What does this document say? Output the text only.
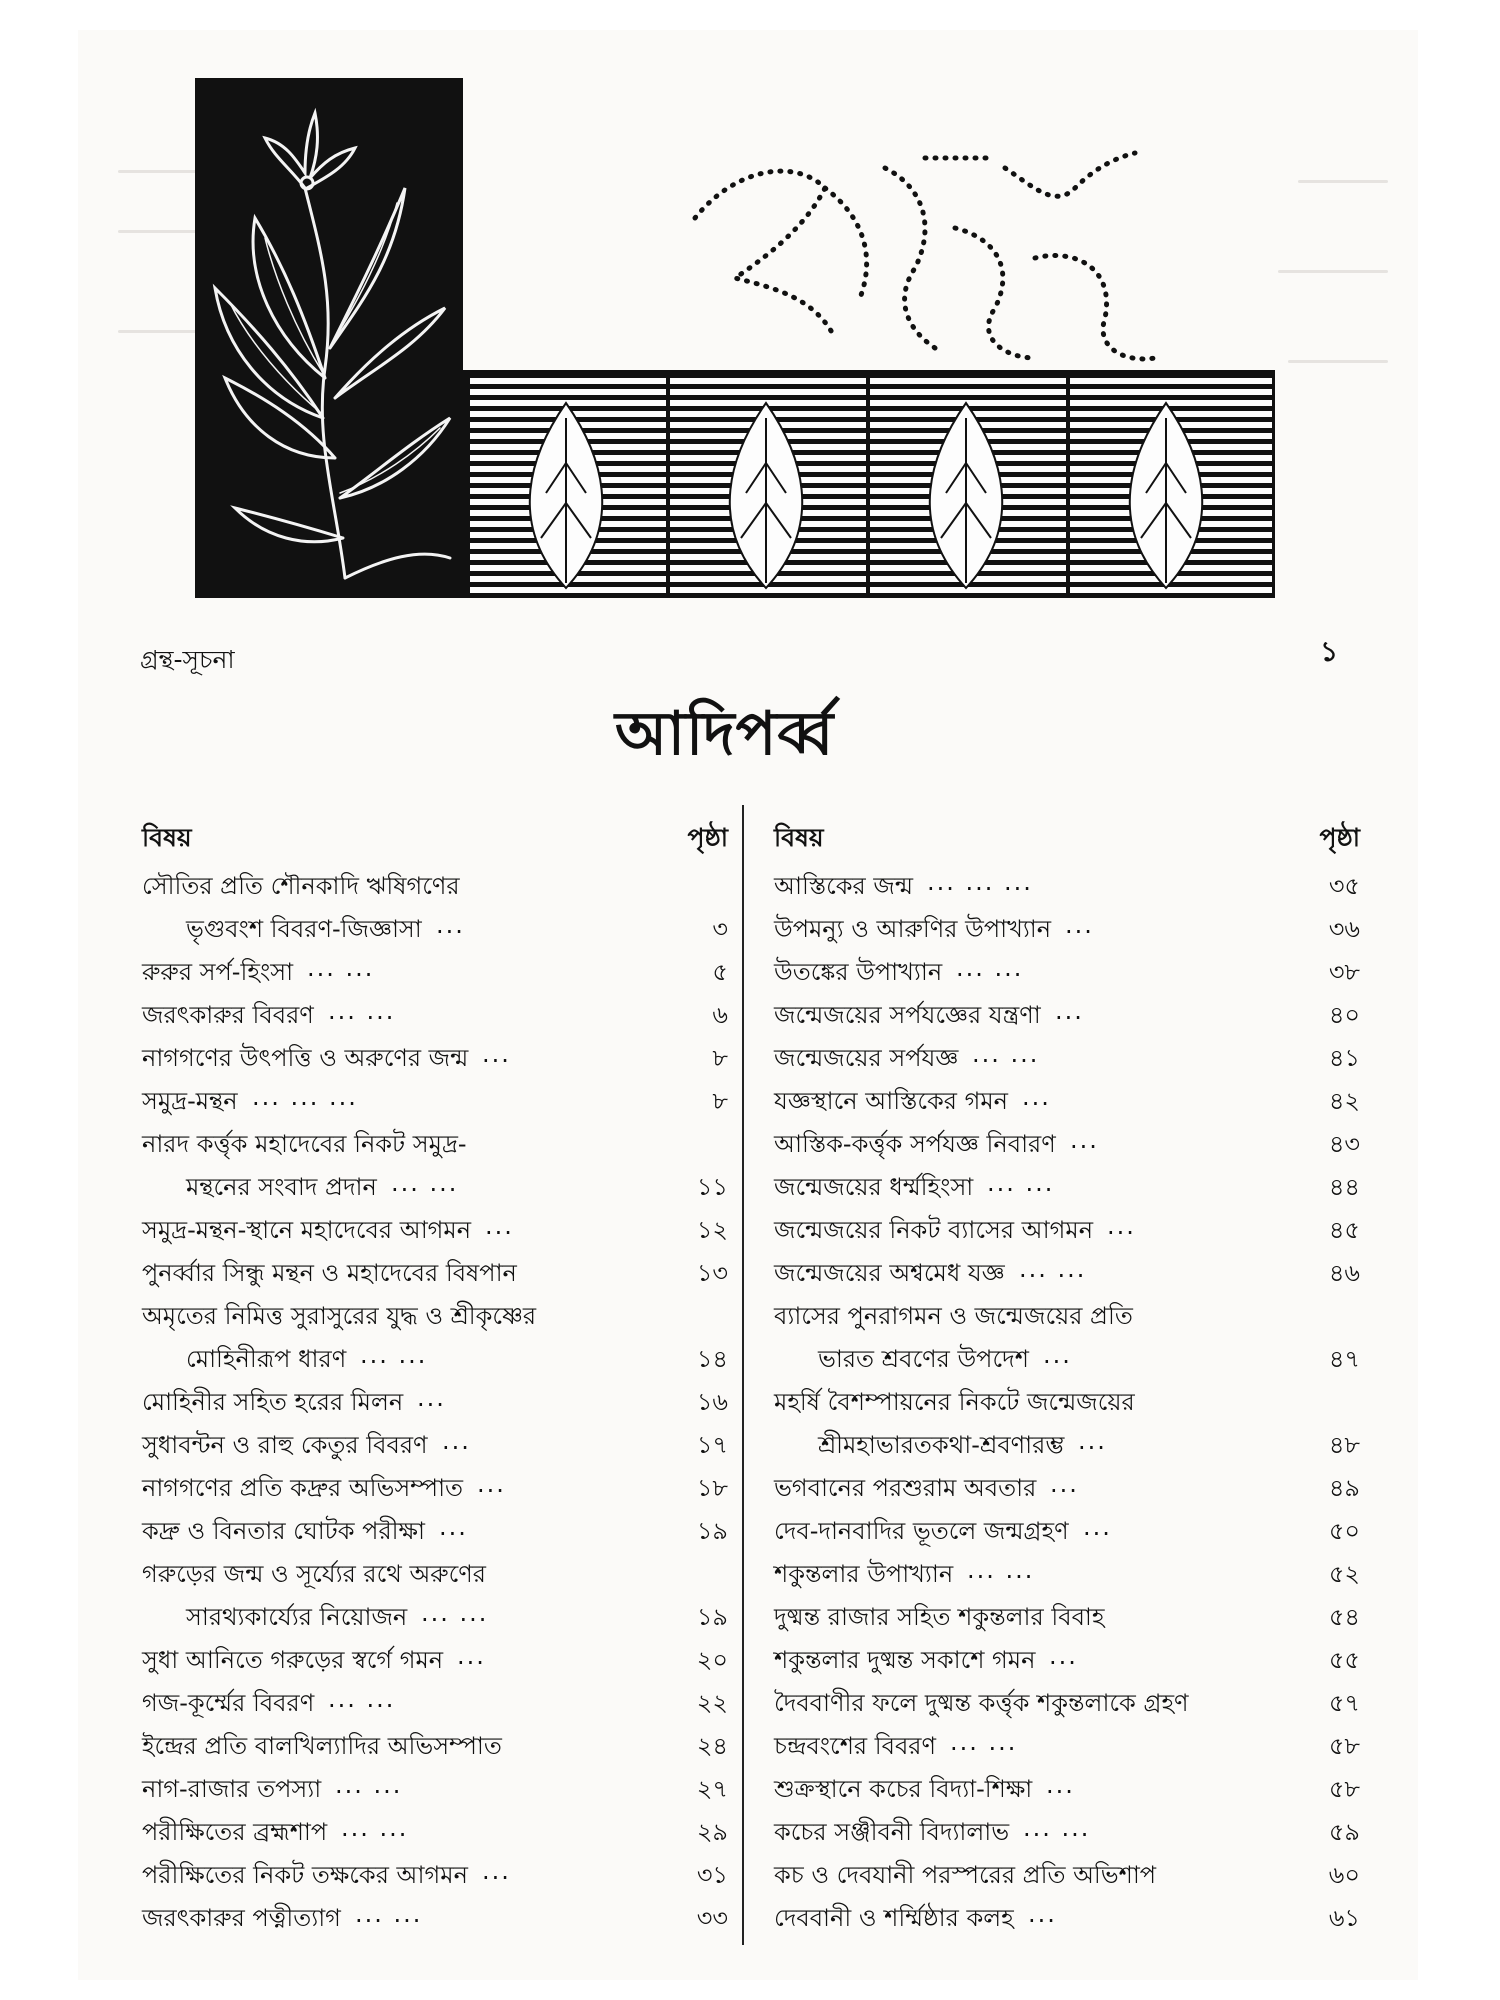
গ্রন্থ-সূচনা	১
আদিপর্ব্ব
বিষয়	পৃষ্ঠা
সৌতির প্রতি শৌনকাদি ঋষিগণের
ভৃগুবংশ বিবরণ-জিজ্ঞাসা ...	৩
রুরুর সর্প-হিংসা ... ...	৫
জরৎকারুর বিবরণ ... ...	৬
নাগগণের উৎপত্তি ও অরুণের জন্ম ...	৮
সমুদ্র-মন্থন ... ... ...	৮
নারদ কর্ত্তৃক মহাদেবের নিকট সমুদ্র-
মন্থনের সংবাদ প্রদান ... ...	১১
সমুদ্র-মন্থন-স্থানে মহাদেবের আগমন ...	১২
পুনর্ব্বার সিন্ধু মন্থন ও মহাদেবের বিষপান	১৩
অমৃতের নিমিত্ত সুরাসুরের যুদ্ধ ও শ্রীকৃষ্ণের
মোহিনীরূপ ধারণ ... ...	১৪
মোহিনীর সহিত হরের মিলন ...	১৬
সুধাবন্টন ও রাহু কেতুর বিবরণ ...	১৭
নাগগণের প্রতি কদ্রুর অভিসম্পাত ...	১৮
কদ্রু ও বিনতার ঘোটক পরীক্ষা ...	১৯
গরুড়ের জন্ম ও সূর্য্যের রথে অরুণের
সারথ্যকার্য্যের নিয়োজন ... ...	১৯
সুধা আনিতে গরুড়ের স্বর্গে গমন ...	২০
গজ-কূর্ম্মের বিবরণ ... ...	২২
ইন্দ্রের প্রতি বালখিল্যাদির অভিসম্পাত	২৪
নাগ-রাজার তপস্যা ... ...	২৭
পরীক্ষিতের ব্রহ্মশাপ ... ...	২৯
পরীক্ষিতের নিকট তক্ষকের আগমন ...	৩১
জরৎকারুর পত্নীত্যাগ ... ...	৩৩
বিষয়	পৃষ্ঠা
আস্তিকের জন্ম ... ... ...	৩৫
উপমন্যু ও আরুণির উপাখ্যান ...	৩৬
উতঙ্কের উপাখ্যান ... ...	৩৮
জন্মেজয়ের সর্পযজ্ঞের যন্ত্রণা ...	৪০
জন্মেজয়ের সর্পযজ্ঞ ... ...	৪১
যজ্ঞস্থানে আস্তিকের গমন ...	৪২
আস্তিক-কর্ত্তৃক সর্পযজ্ঞ নিবারণ ...	৪৩
জন্মেজয়ের ধর্ম্মহিংসা ... ...	৪৪
জন্মেজয়ের নিকট ব্যাসের আগমন ...	৪৫
জন্মেজয়ের অশ্বমেধ যজ্ঞ ... ...	৪৬
ব্যাসের পুনরাগমন ও জন্মেজয়ের প্রতি
ভারত শ্রবণের উপদেশ ...	৪৭
মহর্ষি বৈশম্পায়নের নিকটে জন্মেজয়ের
শ্রীমহাভারতকথা-শ্রবণারম্ভ ...	৪৮
ভগবানের পরশুরাম অবতার ...	৪৯
দেব-দানবাদির ভূতলে জন্মগ্রহণ ...	৫০
শকুন্তলার উপাখ্যান ... ...	৫২
দুষ্মন্ত রাজার সহিত শকুন্তলার বিবাহ	৫৪
শকুন্তলার দুষ্মন্ত সকাশে গমন ...	৫৫
দৈববাণীর ফলে দুষ্মন্ত কর্ত্তৃক শকুন্তলাকে গ্রহণ	৫৭
চন্দ্রবংশের বিবরণ ... ...	৫৮
শুক্রস্থানে কচের বিদ্যা-শিক্ষা ...	৫৮
কচের সঞ্জীবনী বিদ্যালাভ ... ...	৫৯
কচ ও দেবযানী পরস্পরের প্রতি অভিশাপ	৬০
দেববানী ও শর্ম্মিষ্ঠার কলহ ...	৬১
